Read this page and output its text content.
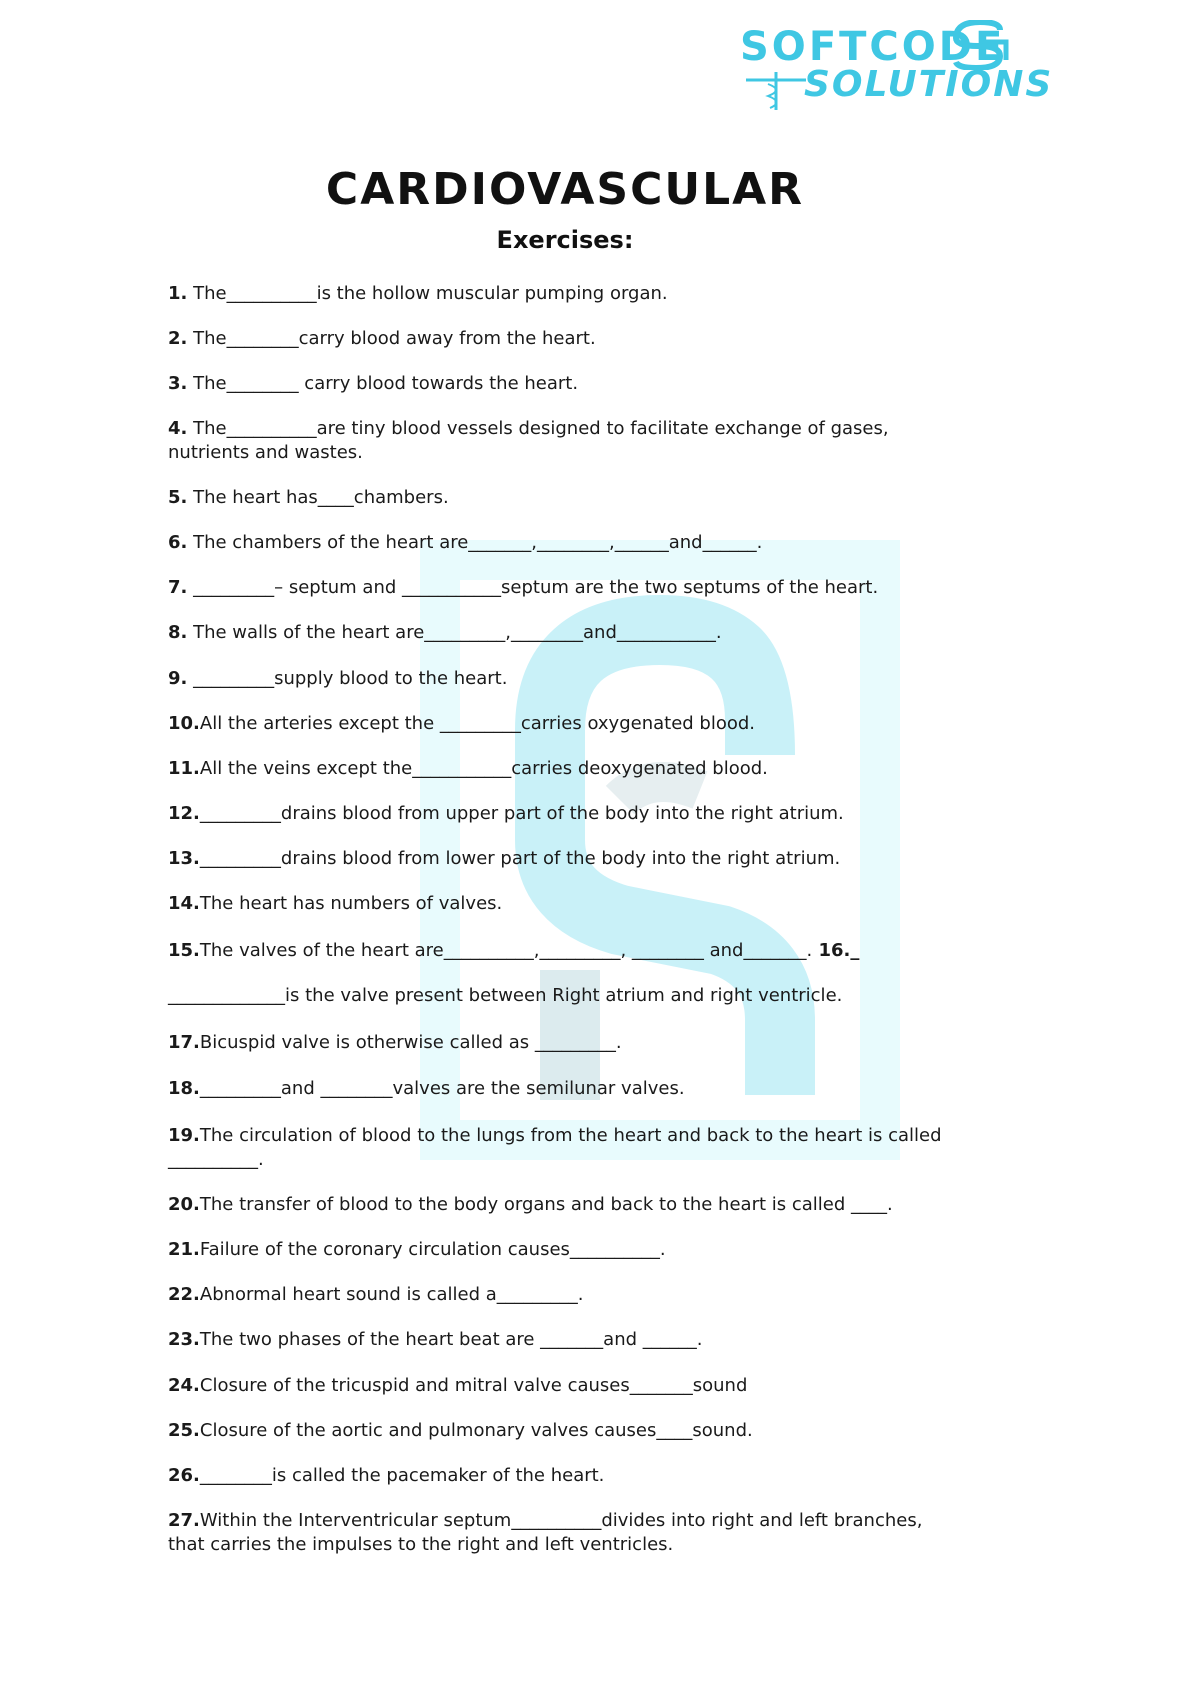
SOFTCODE
SOLUTIONS
CARDIOVASCULAR
Exercises:
1. The__________is the hollow muscular pumping organ.
2. The________carry blood away from the heart.
3. The________ carry blood towards the heart.
4. The__________are tiny blood vessels designed to facilitate exchange of gases, nutrients and wastes.
5. The heart has____chambers.
6. The chambers of the heart are_______,________,______and______.
7. _________– septum and ___________septum are the two septums of the heart.
8. The walls of the heart are_________,________and___________.
9. _________supply blood to the heart.
10.All the arteries except the _________carries oxygenated blood.
11.All the veins except the___________carries deoxygenated blood.
12._________drains blood from upper part of the body into the right atrium.
13._________drains blood from lower part of the body into the right atrium.
14.The heart has numbers of valves.
15.The valves of the heart are__________,_________, ________ and_______. 16._
_____________is the valve present between Right atrium and right ventricle.
17.Bicuspid valve is otherwise called as _________.
18._________and ________valves are the semilunar valves.
19.The circulation of blood to the lungs from the heart and back to the heart is called __________.
20.The transfer of blood to the body organs and back to the heart is called ____.
21.Failure of the coronary circulation causes__________.
22.Abnormal heart sound is called a_________.
23.The two phases of the heart beat are _______and ______.
24.Closure of the tricuspid and mitral valve causes_______sound
25.Closure of the aortic and pulmonary valves causes____sound.
26.________is called the pacemaker of the heart.
27.Within the Interventricular septum__________divides into right and left branches, that carries the impulses to the right and left ventricles.
